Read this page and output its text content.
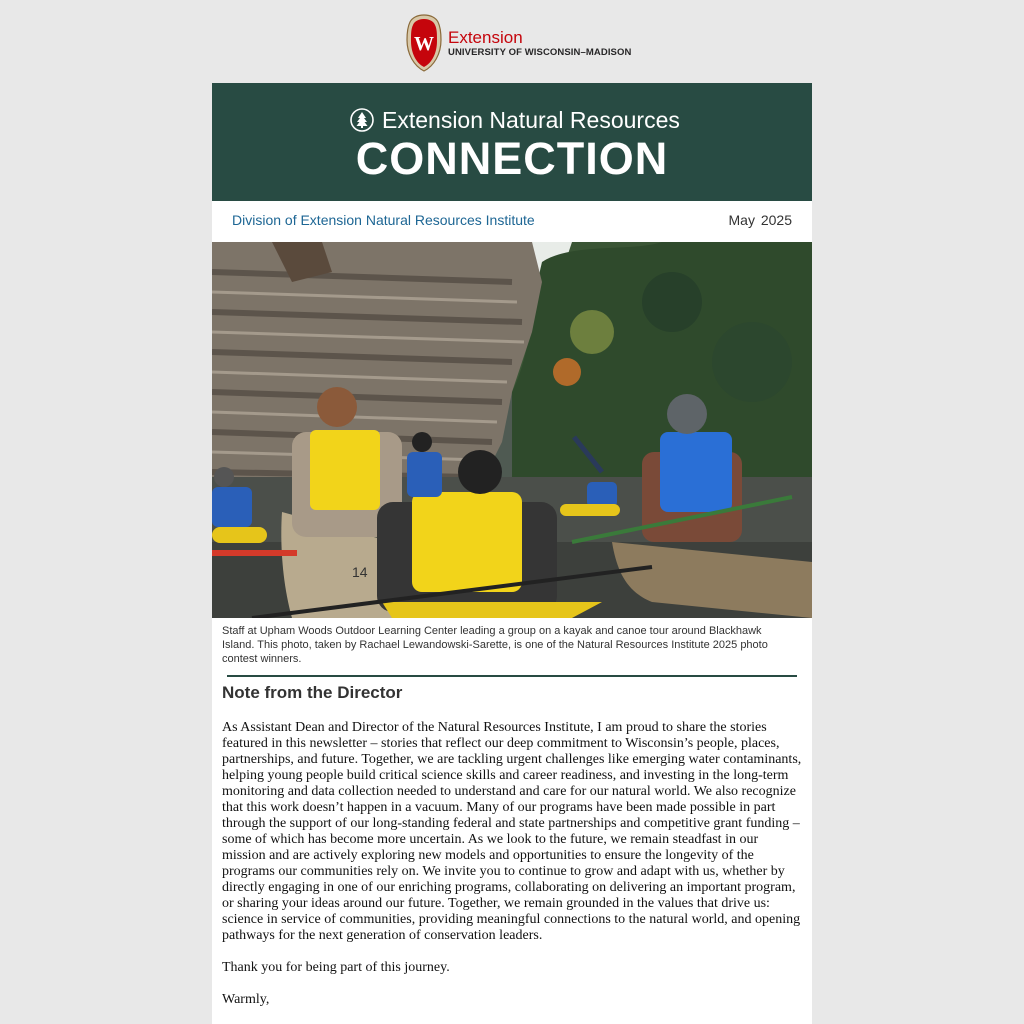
W Extension
UNIVERSITY OF WISCONSIN–MADISON
Extension Natural Resources
CONNECTION
Division of Extension Natural Resources Institute	May 2025
14
Staff at Upham Woods Outdoor Learning Center leading a group on a kayak and canoe tour around Blackhawk Island. This photo, taken by Rachael Lewandowski-Sarette, is one of the Natural Resources Institute 2025 photo contest winners.
Note from the Director

As Assistant Dean and Director of the Natural Resources Institute, I am proud to share the stories featured in this newsletter – stories that reflect our deep commitment to Wisconsin’s people, places, partnerships, and future. Together, we are tackling urgent challenges like emerging water contaminants, helping young people build critical science skills and career readiness, and investing in the long-term monitoring and data collection needed to understand and care for our natural world. We also recognize that this work doesn’t happen in a vacuum. Many of our programs have been made possible in part through the support of our long-standing federal and state partnerships and competitive grant funding – some of which has become more uncertain. As we look to the future, we remain steadfast in our mission and are actively exploring new models and opportunities to ensure the longevity of the programs our communities rely on. We invite you to continue to grow and adapt with us, whether by directly engaging in one of our enriching programs, collaborating on delivering an important program, or sharing your ideas around our future. Together, we remain grounded in the values that drive us: science in service of communities, providing meaningful connections to the natural world, and opening pathways for the next generation of conservation leaders.

Thank you for being part of this journey.

Warmly,
